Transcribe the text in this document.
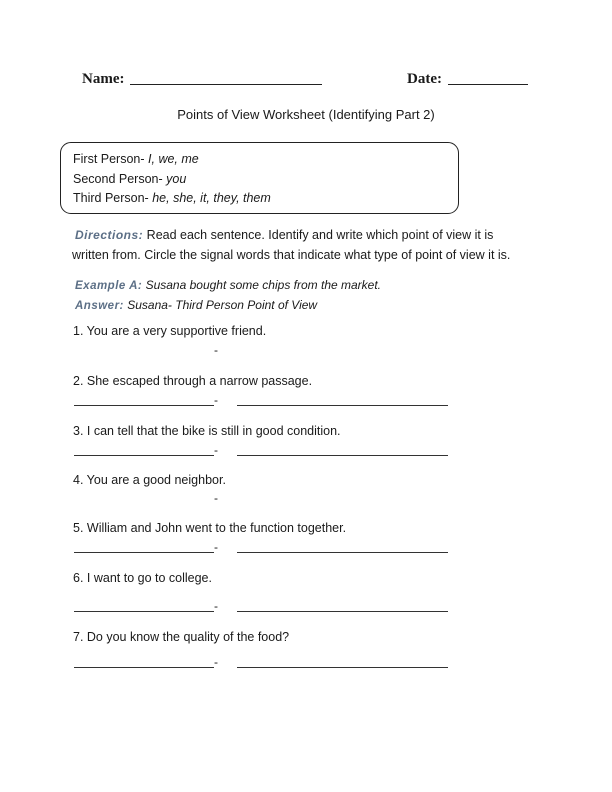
Name:	Date:
Points of View Worksheet (Identifying Part 2)
First Person- I, we, me
Second Person- you
Third Person- he, she, it, they, them
Directions: Read each sentence. Identify and write which point of view it is
written from. Circle the signal words that indicate what type of point of view it is.
Example A: Susana bought some chips from the market.
Answer: Susana- Third Person Point of View
1. You are a very supportive friend.
-
2. She escaped through a narrow passage.
-
3. I can tell that the bike is still in good condition.
-
4. You are a good neighbor.
-
5. William and John went to the function together.
-
6. I want to go to college.
-
7. Do you know the quality of the food?
-
